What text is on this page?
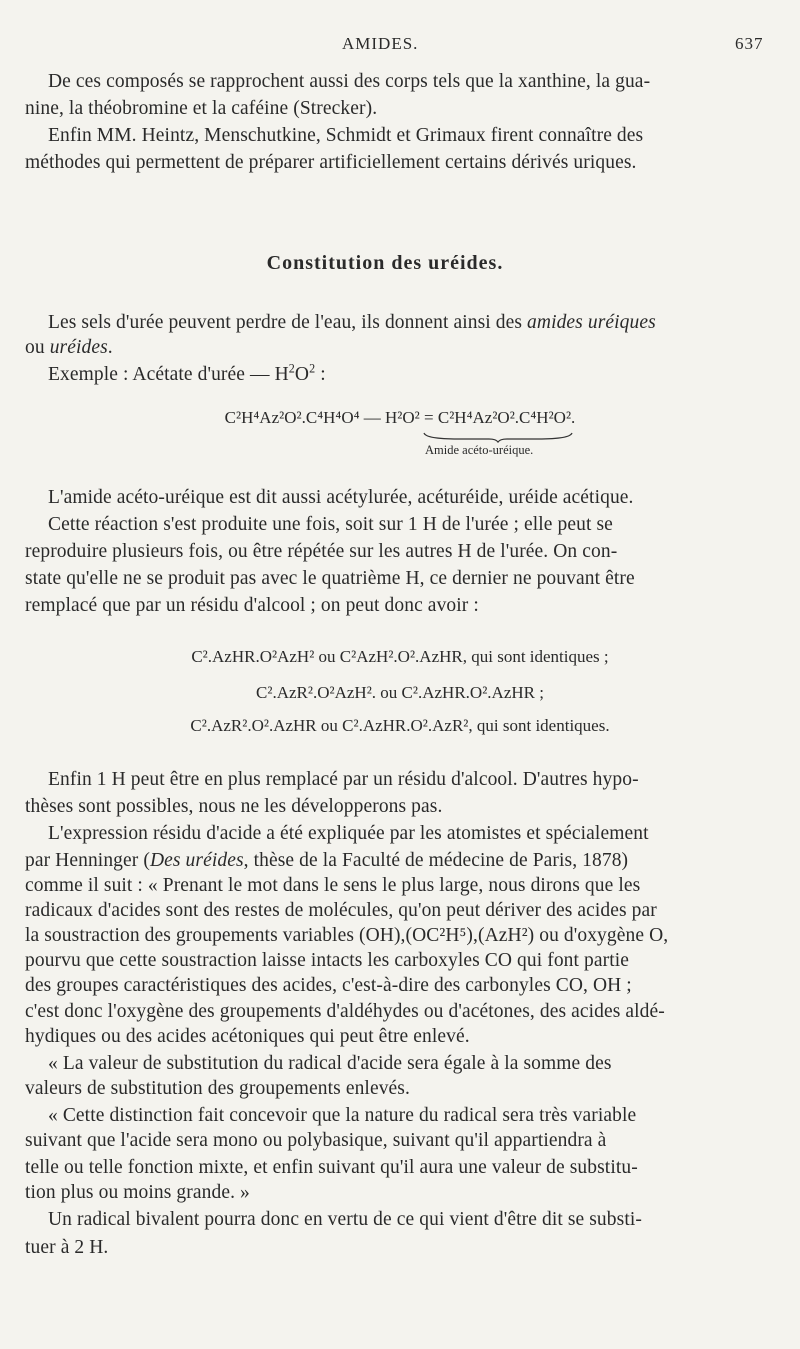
AMIDES.	637
De ces composés se rapprochent aussi des corps tels que la xanthine, la gua-
nine, la théobromine et la caféine (Strecker).
Enfin MM. Heintz, Menschutkine, Schmidt et Grimaux firent connaître des
méthodes qui permettent de préparer artificiellement certains dérivés uriques.
Constitution des uréides.
Les sels d'urée peuvent perdre de l'eau, ils donnent ainsi des amides uréiques
ou uréides.
Exemple : Acétate d'urée — $H^2O^2$ :
C²H⁴Az²O².C⁴H⁴O⁴ — H²O² = C²H⁴Az²O².C⁴H²O².
Amide acéto-uréique.
L'amide acéto-uréique est dit aussi acétylurée, acéturéide, uréide acétique.
Cette réaction s'est produite une fois, soit sur 1 H de l'urée ; elle peut se
reproduire plusieurs fois, ou être répétée sur les autres H de l'urée. On con-
state qu'elle ne se produit pas avec le quatrième H, ce dernier ne pouvant être
remplacé que par un résidu d'alcool ; on peut donc avoir :
C².AzHR.O²AzH² ou C²AzH².O².AzHR, qui sont identiques ;
C².AzR².O²AzH². ou C².AzHR.O².AzHR ;
C².AzR².O².AzHR ou C².AzHR.O².AzR², qui sont identiques.
Enfin 1 H peut être en plus remplacé par un résidu d'alcool. D'autres hypo-
thèses sont possibles, nous ne les développerons pas.
L'expression résidu d'acide a été expliquée par les atomistes et spécialement
par Henninger (Des uréides, thèse de la Faculté de médecine de Paris, 1878)
comme il suit : « Prenant le mot dans le sens le plus large, nous dirons que les
radicaux d'acides sont des restes de molécules, qu'on peut dériver des acides par
la soustraction des groupements variables (OH),(OC²H⁵),(AzH²) ou d'oxygène O,
pourvu que cette soustraction laisse intacts les carboxyles CO qui font partie
des groupes caractéristiques des acides, c'est-à-dire des carbonyles CO, OH ;
c'est donc l'oxygène des groupements d'aldéhydes ou d'acétones, des acides aldé-
hydiques ou des acides acétoniques qui peut être enlevé.
« La valeur de substitution du radical d'acide sera égale à la somme des
valeurs de substitution des groupements enlevés.
« Cette distinction fait concevoir que la nature du radical sera très variable
suivant que l'acide sera mono ou polybasique, suivant qu'il appartiendra à
telle ou telle fonction mixte, et enfin suivant qu'il aura une valeur de substitu-
tion plus ou moins grande. »
Un radical bivalent pourra donc en vertu de ce qui vient d'être dit se substi-
tuer à 2 H.
